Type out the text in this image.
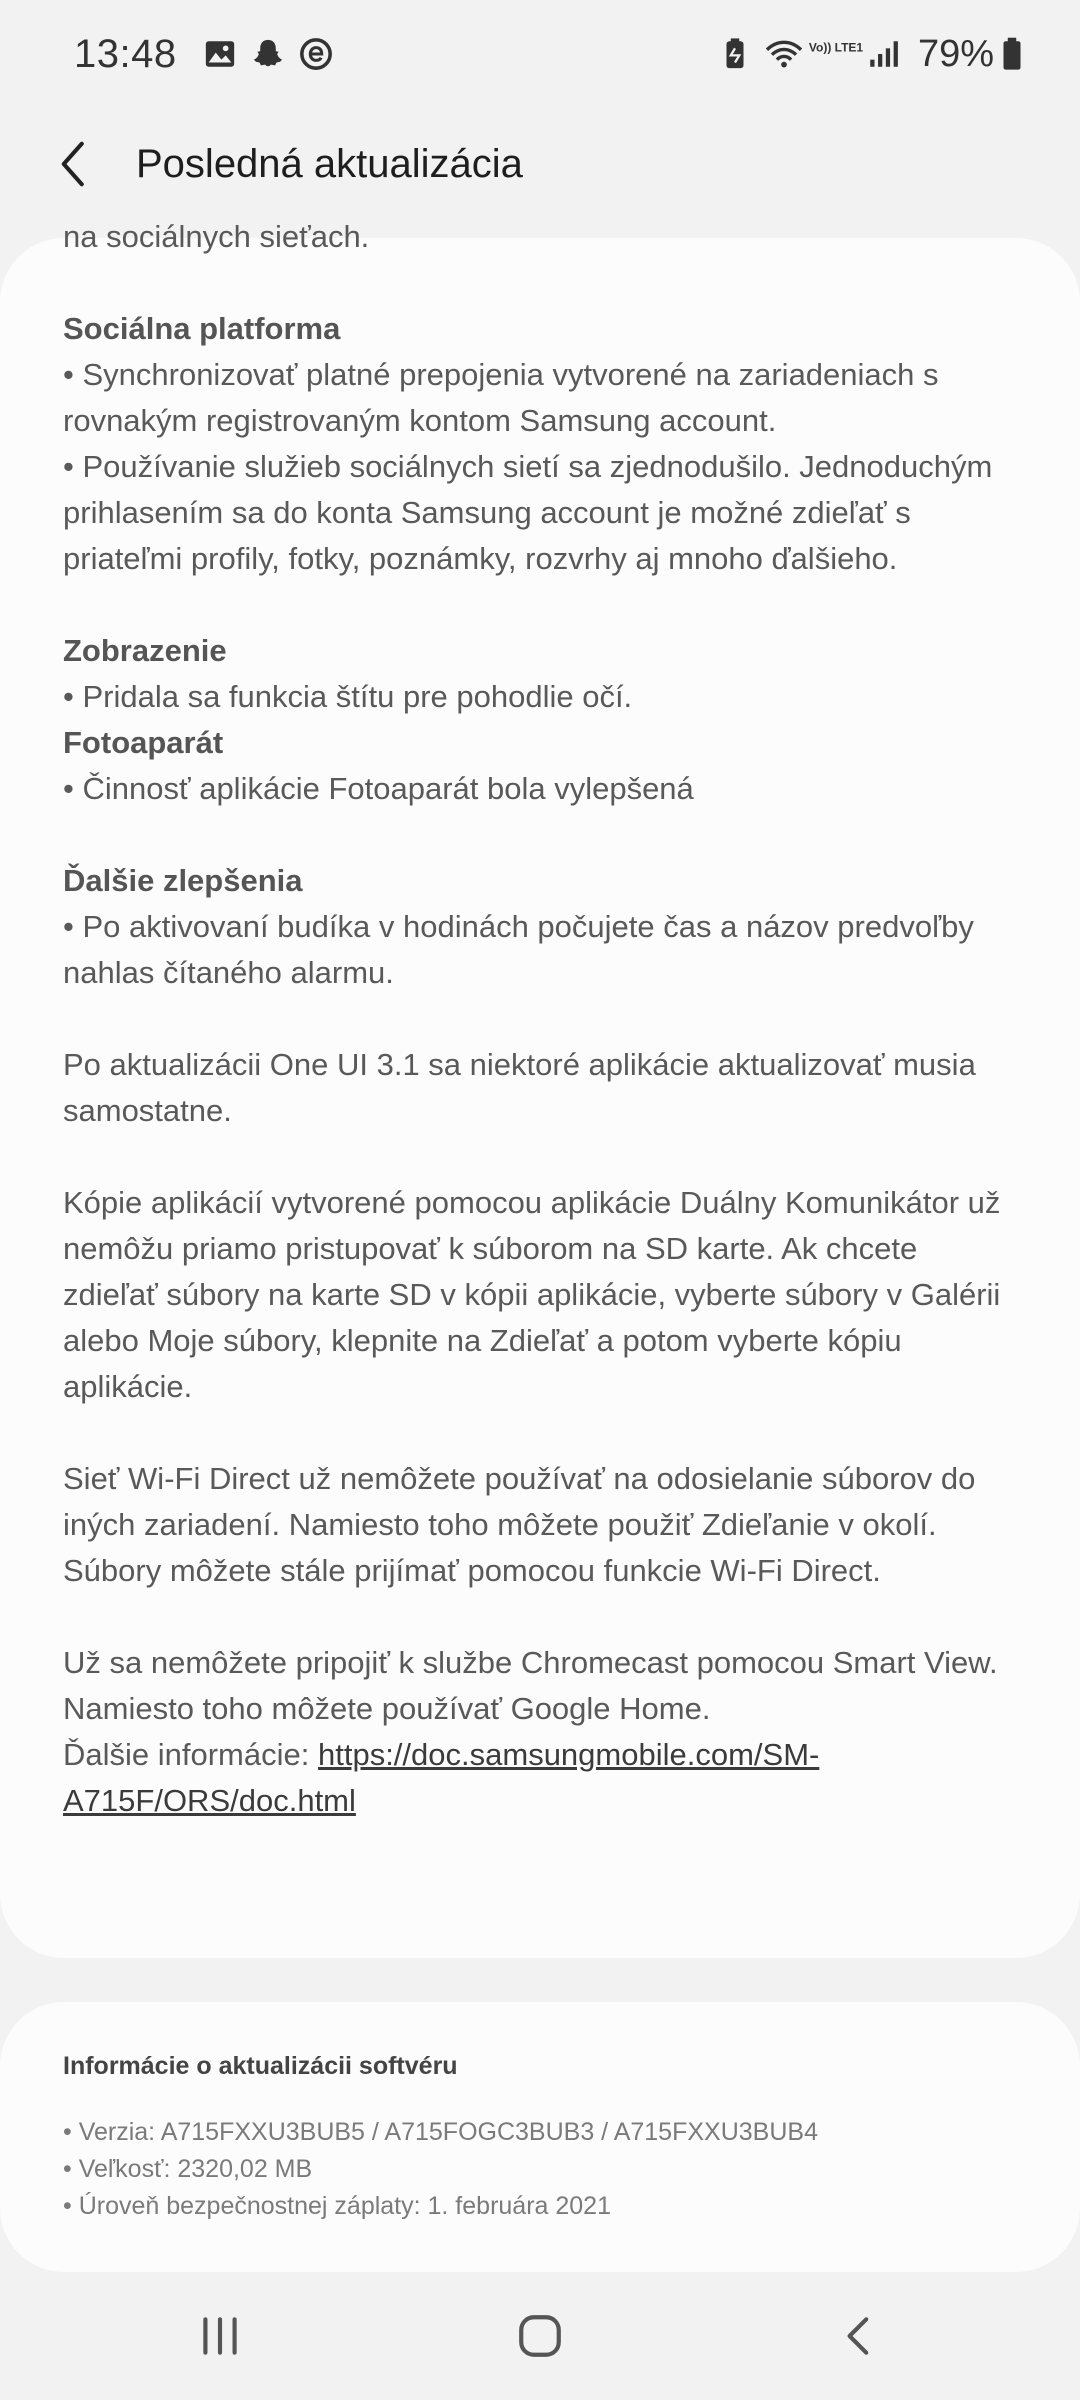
13:48	Vo)) LTE1 79%
Posledná aktualizácia

na sociálnych sieťach.

Sociálna platforma

• Synchronizovať platné prepojenia vytvorené na zariadeniach s rovnakým registrovaným kontom Samsung account.

• Používanie služieb sociálnych sietí sa zjednodušilo. Jednoduchým prihlasením sa do konta Samsung account je možné zdieľať s priateľmi profily, fotky, poznámky, rozvrhy aj mnoho ďalšieho.

Zobrazenie

• Pridala sa funkcia štítu pre pohodlie očí.

Fotoaparát

• Činnosť aplikácie Fotoaparát bola vylepšená

Ďalšie zlepšenia

• Po aktivovaní budíka v hodinách počujete čas a názov predvoľby nahlas čítaného alarmu.

Po aktualizácii One UI 3.1 sa niektoré aplikácie aktualizovať musia samostatne.

Kópie aplikácií vytvorené pomocou aplikácie Duálny Komunikátor už nemôžu priamo pristupovať k súborom na SD karte. Ak chcete zdieľať súbory na karte SD v kópii aplikácie, vyberte súbory v Galérii alebo Moje súbory, klepnite na Zdieľať a potom vyberte kópiu aplikácie.

Sieť Wi-Fi Direct už nemôžete používať na odosielanie súborov do iných zariadení. Namiesto toho môžete použiť Zdieľanie v okolí. Súbory môžete stále prijímať pomocou funkcie Wi-Fi Direct.

Už sa nemôžete pripojiť k službe Chromecast pomocou Smart View. Namiesto toho môžete používať Google Home.

Ďalšie informácie: https://doc.samsungmobile.com/SM-A715F/ORS/doc.html

Informácie o aktualizácii softvéru
• Verzia: A715FXXU3BUB5 / A715FOGC3BUB3 / A715FXXU3BUB4
• Veľkosť: 2320,02 MB
• Úroveň bezpečnostnej záplaty: 1. februára 2021
